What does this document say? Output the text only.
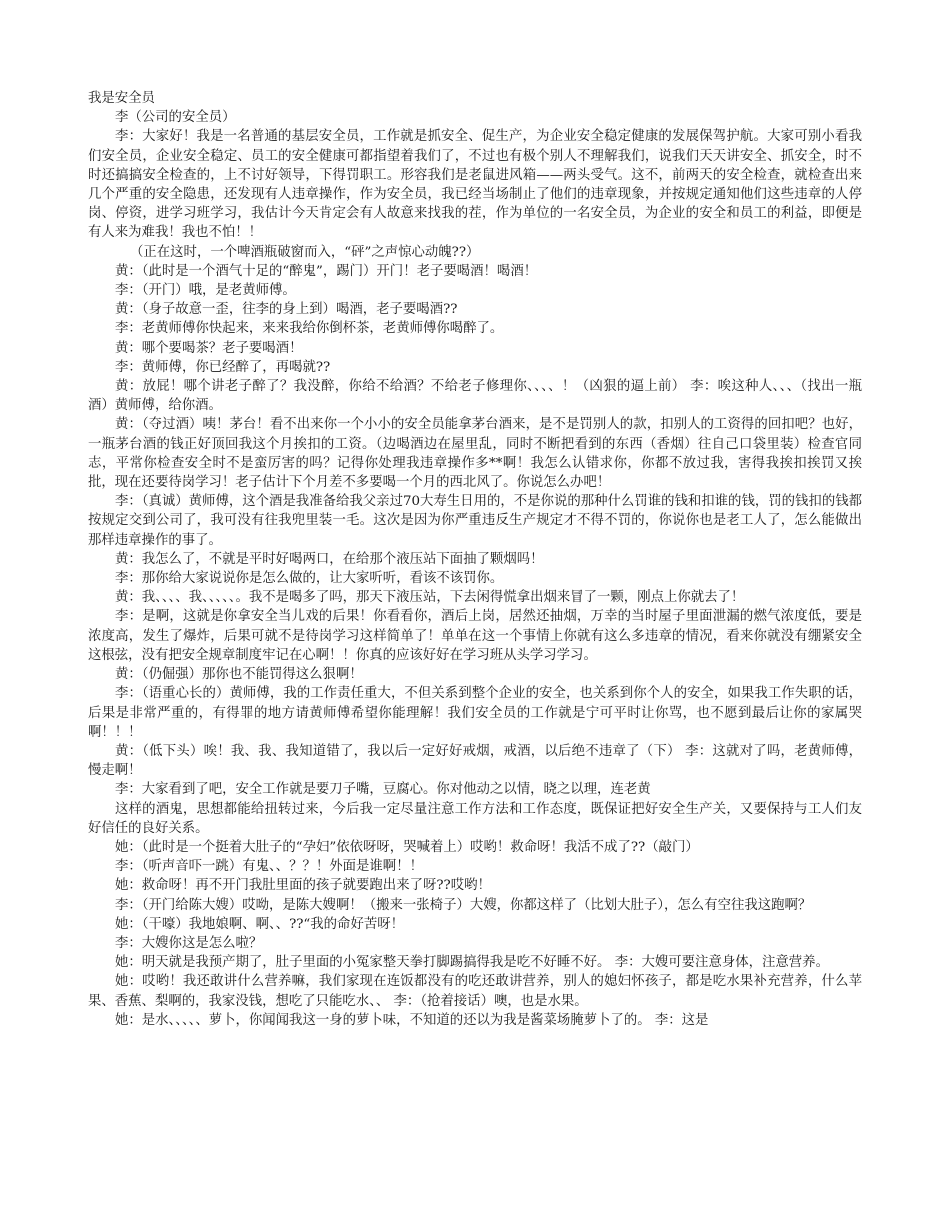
我是安全员

李（公司的安全员）

李：大家好！我是一名普通的基层安全员，工作就是抓安全、促生产，为企业安全稳定健康的发展保驾护航。大家可别小看我们安全员，企业安全稳定、员工的安全健康可都指望着我们了，不过也有极个别人不理解我们，说我们天天讲安全、抓安全，时不时还搞搞安全检查的，上不讨好领导，下得罚职工。形容我们是老鼠进风箱——两头受气。这不，前两天的安全检查，就检查出来几个严重的安全隐患，还发现有人违章操作，作为安全员，我已经当场制止了他们的违章现象，并按规定通知他们这些违章的人停岗、停资，进学习班学习，我估计今天肯定会有人故意来找我的茬，作为单位的一名安全员，为企业的安全和员工的利益，即便是有人来为难我！我也不怕！！

（正在这时，一个啤酒瓶破窗而入，“砰”之声惊心动魄??）

黄：（此时是一个酒气十足的“醉鬼”，踢门）开门！老子要喝酒！喝酒！

李：（开门）哦，是老黄师傅。

黄：（身子故意一歪，往李的身上到）喝酒，老子要喝酒??

李：老黄师傅你快起来，来来我给你倒杯茶，老黄师傅你喝醉了。

黄：哪个要喝茶？老子要喝酒！

李：黄师傅，你已经醉了，再喝就??

黄：放屁！哪个讲老子醉了？我没醉，你给不给酒？不给老子修理你、、、、！（凶狠的逼上前） 李：唉这种人、、、（找出一瓶酒）黄师傅，给你酒。

黄：（夺过酒）咦！茅台！看不出来你一个小小的安全员能拿茅台酒来，是不是罚别人的款，扣别人的工资得的回扣吧？也好，一瓶茅台酒的钱正好顶回我这个月挨扣的工资。（边喝酒边在屋里乱，同时不断把看到的东西（香烟）往自己口袋里装）检查官同志，平常你检查安全时不是蛮厉害的吗？记得你处理我违章操作多**啊！我怎么认错求你，你都不放过我，害得我挨扣挨罚又挨批，现在还要待岗学习！老子估计下个月差不多要喝一个月的西北风了。你说怎么办吧！

李：（真诚）黄师傅，这个酒是我准备给我父亲过70大寿生日用的，不是你说的那种什么罚谁的钱和扣谁的钱，罚的钱扣的钱都按规定交到公司了，我可没有往我兜里装一毛。这次是因为你严重违反生产规定才不得不罚的，你说你也是老工人了，怎么能做出那样违章操作的事了。

黄：我怎么了，不就是平时好喝两口，在给那个液压站下面抽了颗烟吗！

李：那你给大家说说你是怎么做的，让大家听听，看该不该罚你。

黄：我、、、、我、、、、、。我不是喝多了吗，那天下液压站，下去闲得慌拿出烟来冒了一颗，刚点上你就去了！

李：是啊，这就是你拿安全当儿戏的后果！你看看你，酒后上岗，居然还抽烟，万幸的当时屋子里面泄漏的燃气浓度低，要是浓度高，发生了爆炸，后果可就不是待岗学习这样简单了！单单在这一个事情上你就有这么多违章的情况，看来你就没有绷紧安全这根弦，没有把安全规章制度牢记在心啊！！你真的应该好好在学习班从头学习学习。

黄：（仍倔强）那你也不能罚得这么狠啊！

李：（语重心长的）黄师傅，我的工作责任重大，不但关系到整个企业的安全，也关系到你个人的安全，如果我工作失职的话，后果是非常严重的，有得罪的地方请黄师傅希望你能理解！我们安全员的工作就是宁可平时让你骂，也不愿到最后让你的家属哭啊！！！

黄：（低下头）唉！我、我、我知道错了，我以后一定好好戒烟，戒酒，以后绝不违章了（下） 李：这就对了吗，老黄师傅，慢走啊！

李：大家看到了吧，安全工作就是要刀子嘴，豆腐心。你对他动之以情，晓之以理，连老黄

这样的酒鬼，思想都能给扭转过来，今后我一定尽量注意工作方法和工作态度，既保证把好安全生产关，又要保持与工人们友好信任的良好关系。

她：（此时是一个挺着大肚子的“孕妇”依依呀呀，哭喊着上）哎哟！救命呀！我活不成了??（敲门）

李：（听声音吓一跳）有鬼、、？？！外面是谁啊！！

她：救命呀！再不开门我肚里面的孩子就要跑出来了呀??哎哟！

李：（开门给陈大嫂）哎呦，是陈大嫂啊！（搬来一张椅子）大嫂，你都这样了（比划大肚子），怎么有空往我这跑啊？

她：（干嚎）我地娘啊、啊、、??“我的命好苦呀！

李：大嫂你这是怎么啦？

她：明天就是我预产期了，肚子里面的小冤家整天拳打脚踢搞得我是吃不好睡不好。 李：大嫂可要注意身体，注意营养。

她：哎哟！我还敢讲什么营养嘛，我们家现在连饭都没有的吃还敢讲营养，别人的媳妇怀孩子，都是吃水果补充营养，什么苹果、香蕉、梨啊的，我家没钱，想吃了只能吃水、、 李：（抢着接话）噢，也是水果。

她：是水、、、、、萝卜，你闻闻我这一身的萝卜味，不知道的还以为我是酱菜场腌萝卜了的。 李：这是
